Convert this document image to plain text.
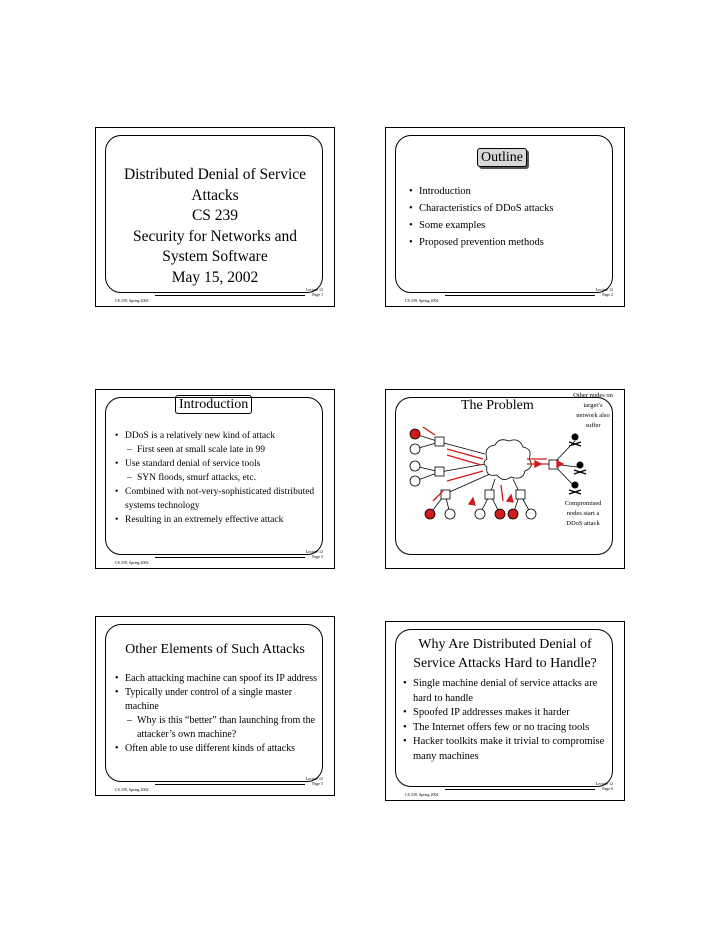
Distributed Denial of Service
Attacks
CS 239
Security for Networks and
System Software
May 15, 2002
CS 239, Spring 2002
Lecture 12
Page 1
Outline
• Introduction
• Characteristics of DDoS attacks
• Some examples
• Proposed prevention methods
CS 239, Spring 2002
Lecture 12
Page 2
Introduction
• DDoS is a relatively new kind of attack
– First seen at small scale late in 99
• Use standard denial of service tools
– SYN floods, smurf attacks, etc.
• Combined with not-very-sophisticated distributed systems technology
• Resulting in an extremely effective attack
CS 239, Spring 2002
Lecture 12
Page 3
The Problem
Other nodes on
target’s
network also
suffer
Compromised
nodes start a
DDoS attack
Other Elements of Such Attacks
• Each attacking machine can spoof its IP address
• Typically under control of a single master machine
– Why is this “better” than launching from the attacker’s own machine?
• Often able to use different kinds of attacks
CS 239, Spring 2002
Lecture 12
Page 5
Why Are Distributed Denial of
Service Attacks Hard to Handle?
• Single machine denial of service attacks are hard to handle
• Spoofed IP addresses makes it harder
• The Internet offers few or no tracing tools
• Hacker toolkits make it trivial to compromise many machines
CS 239, Spring 2002
Lecture 12
Page 6
